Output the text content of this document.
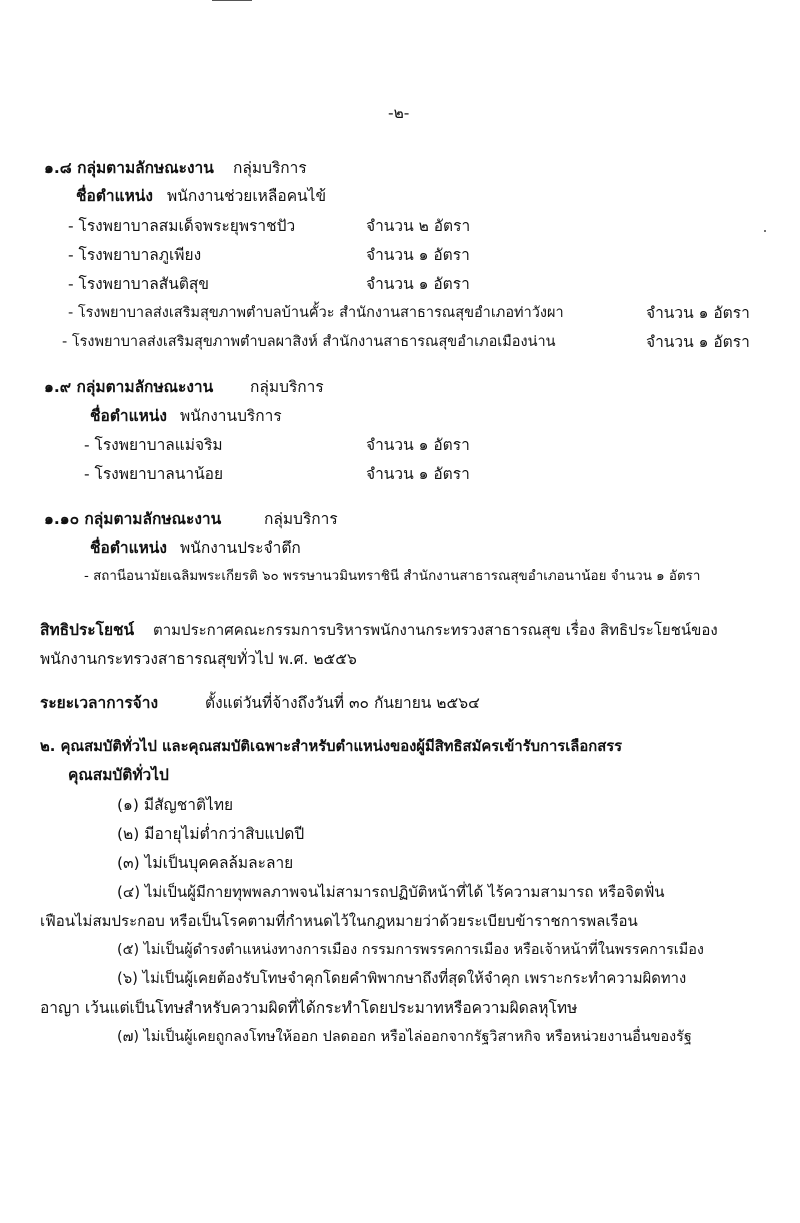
-๒-
๑.๘ กลุ่มตามลักษณะงาน กลุ่มบริการ
ชื่อตำแหน่ง พนักงานช่วยเหลือคนไข้
- โรงพยาบาลสมเด็จพระยุพราชปัว	จำนวน ๒ อัตรา
- โรงพยาบาลภูเพียง	จำนวน ๑ อัตรา
- โรงพยาบาลสันติสุข	จำนวน ๑ อัตรา
- โรงพยาบาลส่งเสริมสุขภาพตำบลบ้านคั้วะ สำนักงานสาธารณสุขอำเภอท่าวังผา	จำนวน ๑ อัตรา
- โรงพยาบาลส่งเสริมสุขภาพตำบลผาสิงห์ สำนักงานสาธารณสุขอำเภอเมืองน่าน	จำนวน ๑ อัตรา
๑.๙ กลุ่มตามลักษณะงาน กลุ่มบริการ
ชื่อตำแหน่ง พนักงานบริการ
- โรงพยาบาลแม่จริม	จำนวน ๑ อัตรา
- โรงพยาบาลนาน้อย	จำนวน ๑ อัตรา
๑.๑๐ กลุ่มตามลักษณะงาน	กลุ่มบริการ
ชื่อตำแหน่ง พนักงานประจำตึก
- สถานีอนามัยเฉลิมพระเกียรติ ๖๐ พรรษานวมินทราชินี สำนักงานสาธารณสุขอำเภอนาน้อย จำนวน ๑ อัตรา
สิทธิประโยชน์ ตามประกาศคณะกรรมการบริหารพนักงานกระทรวงสาธารณสุข เรื่อง สิทธิประโยชน์ของ
พนักงานกระทรวงสาธารณสุขทั่วไป พ.ศ. ๒๕๕๖
ระยะเวลาการจ้าง	ตั้งแต่วันที่จ้างถึงวันที่ ๓๐ กันยายน ๒๕๖๔
๒. คุณสมบัติทั่วไป และคุณสมบัติเฉพาะสำหรับตำแหน่งของผู้มีสิทธิสมัครเข้ารับการเลือกสรร
คุณสมบัติทั่วไป
(๑) มีสัญชาติไทย
(๒) มีอายุไม่ต่ำกว่าสิบแปดปี
(๓) ไม่เป็นบุคคลล้มละลาย
(๔) ไม่เป็นผู้มีกายทุพพลภาพจนไม่สามารถปฏิบัติหน้าที่ได้ ไร้ความสามารถ หรือจิตฟั่น
เฟือนไม่สมประกอบ หรือเป็นโรคตามที่กำหนดไว้ในกฎหมายว่าด้วยระเบียบข้าราชการพลเรือน
(๕) ไม่เป็นผู้ดำรงตำแหน่งทางการเมือง กรรมการพรรคการเมือง หรือเจ้าหน้าที่ในพรรคการเมือง
(๖) ไม่เป็นผู้เคยต้องรับโทษจำคุกโดยคำพิพากษาถึงที่สุดให้จำคุก เพราะกระทำความผิดทาง
อาญา เว้นแต่เป็นโทษสำหรับความผิดที่ได้กระทำโดยประมาทหรือความผิดลหุโทษ
(๗) ไม่เป็นผู้เคยถูกลงโทษให้ออก ปลดออก หรือไล่ออกจากรัฐวิสาหกิจ หรือหน่วยงานอื่นของรัฐ
